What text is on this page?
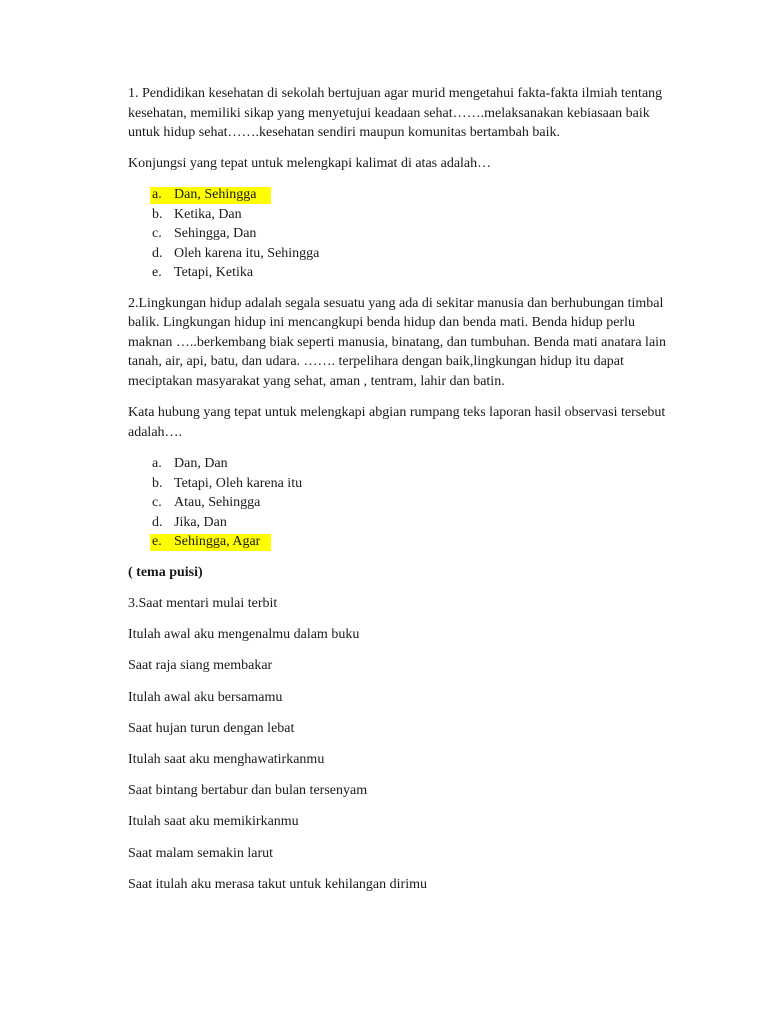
1. Pendidikan kesehatan di sekolah bertujuan agar murid mengetahui fakta-fakta ilmiah tentang kesehatan, memiliki sikap yang menyetujui keadaan sehat…….melaksanakan kebiasaan baik untuk hidup sehat…….kesehatan sendiri maupun komunitas bertambah baik.

Konjungsi yang tepat untuk melengkapi kalimat di atas adalah…

a. Dan, Sehingga
b. Ketika, Dan
c. Sehingga, Dan
d. Oleh karena itu, Sehingga
e. Tetapi, Ketika

2.Lingkungan hidup adalah segala sesuatu yang ada di sekitar manusia dan berhubungan timbal balik. Lingkungan hidup ini mencangkupi benda hidup dan benda mati. Benda hidup perlu maknan …..berkembang biak seperti manusia, binatang, dan tumbuhan. Benda mati anatara lain tanah, air, api, batu, dan udara. ……. terpelihara dengan baik,lingkungan hidup itu dapat meciptakan masyarakat yang sehat, aman , tentram, lahir dan batin.

Kata hubung yang tepat untuk melengkapi abgian rumpang teks laporan hasil observasi tersebut adalah….

a. Dan, Dan
b. Tetapi, Oleh karena itu
c. Atau, Sehingga
d. Jika, Dan
e. Sehingga, Agar

( tema puisi)

3.Saat mentari mulai terbit

Itulah awal aku mengenalmu dalam buku

Saat raja siang membakar

Itulah awal aku bersamamu

Saat hujan turun dengan lebat

Itulah saat aku menghawatirkanmu

Saat bintang bertabur dan bulan tersenyam

Itulah saat aku memikirkanmu

Saat malam semakin larut

Saat itulah aku merasa takut untuk kehilangan dirimu
